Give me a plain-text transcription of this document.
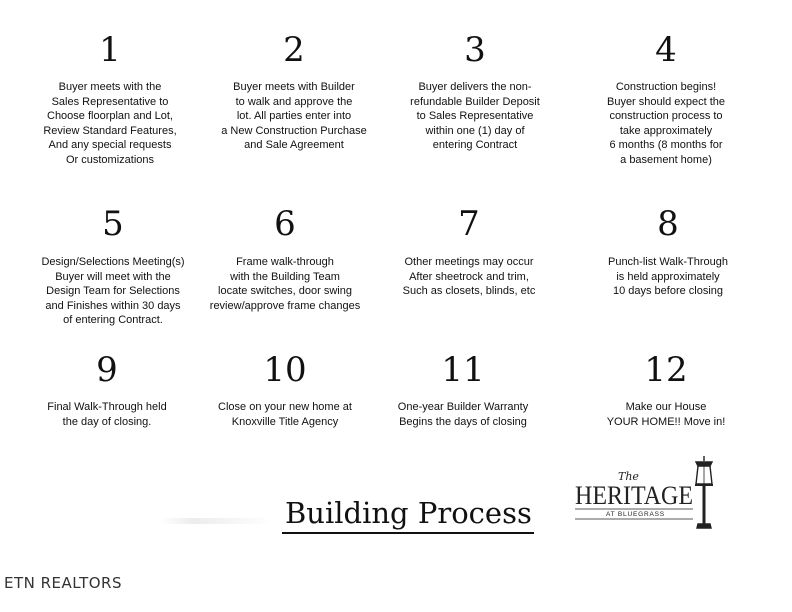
1
Buyer meets with the
Sales Representative to
Choose floorplan and Lot,
Review Standard Features,
And any special requests
Or customizations
2
Buyer meets with Builder
to walk and approve the
lot. All parties enter into
a New Construction Purchase
and Sale Agreement
3
Buyer delivers the non-
refundable Builder Deposit
to Sales Representative
within one (1) day of
entering Contract
4
Construction begins!
Buyer should expect the
construction process to
take approximately
6 months (8 months for
a basement home)
5
Design/Selections Meeting(s)
Buyer will meet with the
Design Team for Selections
and Finishes within 30 days
of entering Contract.
6
Frame walk-through
with the Building Team
locate switches, door swing
review/approve frame changes
7
Other meetings may occur
After sheetrock and trim,
Such as closets, blinds, etc
8
Punch-list Walk-Through
is held approximately
10 days before closing
9
Final Walk-Through held
the day of closing.
10
Close on your new home at
Knoxville Title Agency
11
One-year Builder Warranty
Begins the days of closing
12
Make our House
YOUR HOME!! Move in!
Building Process
The
HERITAGE
AT BLUEGRASS
ETN REALTORS
